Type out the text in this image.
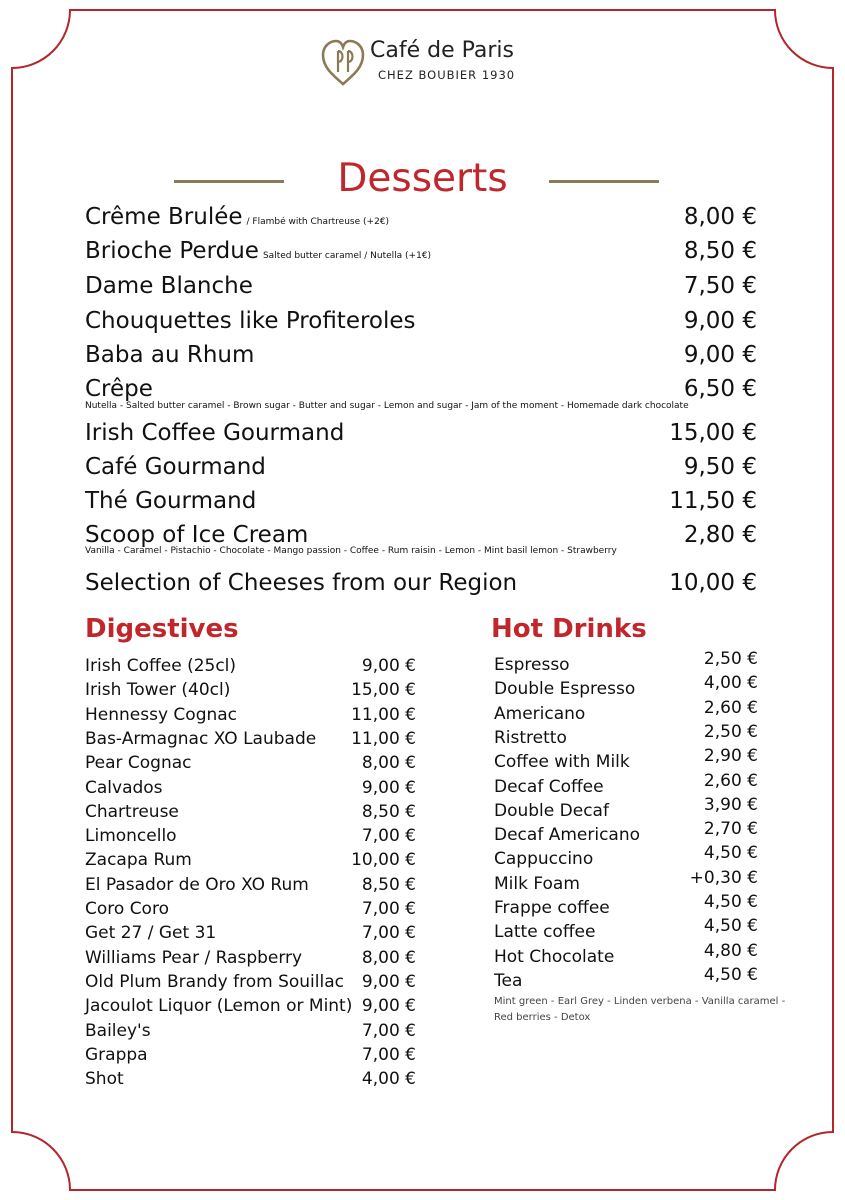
Café de Paris
CHEZ BOUBIER 1930
Desserts
Crême Brulée / Flambé with Chartreuse (+2€)	8,00 €
Brioche Perdue Salted butter caramel / Nutella (+1€)	8,50 €
Dame Blanche	7,50 €
Chouquettes like Profiteroles	9,00 €
Baba au Rhum	9,00 €
Crêpe	6,50 €
Nutella - Salted butter caramel - Brown sugar - Butter and sugar - Lemon and sugar - Jam of the moment - Homemade dark chocolate
Irish Coffee Gourmand	15,00 €
Café Gourmand	9,50 €
Thé Gourmand	11,50 €
Scoop of Ice Cream	2,80 €
Vanilla - Caramel - Pistachio - Chocolate - Mango passion - Coffee - Rum raisin - Lemon - Mint basil lemon - Strawberry
Selection of Cheeses from our Region	10,00 €
Digestives
Irish Coffee (25cl)	9,00 €
Irish Tower (40cl)	15,00 €
Hennessy Cognac	11,00 €
Bas-Armagnac XO Laubade 11,00 €
Pear Cognac	8,00 €
Calvados	9,00 €
Chartreuse	8,50 €
Limoncello	7,00 €
Zacapa Rum	10,00 €
El Pasador de Oro XO Rum	8,50 €
Coro Coro	7,00 €
Get 27 / Get 31	7,00 €
Williams Pear / Raspberry	8,00 €
Old Plum Brandy from Souillac 9,00 €
Jacoulot Liquor (Lemon or Mint) 9,00 €
Bailey's	7,00 €
Grappa	7,00 €
Shot	4,00 €
Hot Drinks
Espresso	2,50 €
Double Espresso	4,00 €
Americano	2,60 €
Ristretto	2,50 €
Coffee with Milk	2,90 €
Decaf Coffee	2,60 €
Double Decaf	3,90 €
Decaf Americano	2,70 €
Cappuccino	4,50 €
Milk Foam	+0,30 €
Frappe coffee	4,50 €
Latte coffee	4,50 €
Hot Chocolate	4,80 €
Tea	4,50 €
Mint green - Earl Grey - Linden verbena - Vanilla caramel - Red berries - Detox
